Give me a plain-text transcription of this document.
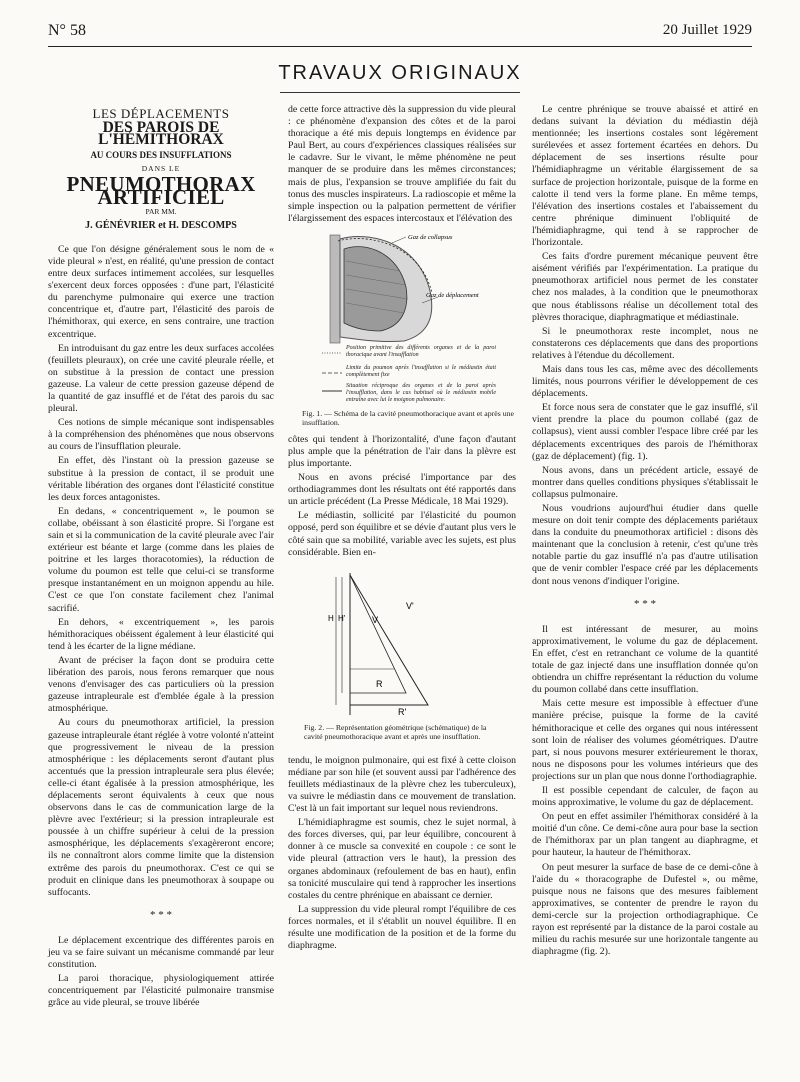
N° 58	20 Juillet 1929
TRAVAUX ORIGINAUX
LES DÉPLACEMENTS
DES PAROIS DE L'HÉMITHORAX
AU COURS DES INSUFFLATIONS
DANS LE
PNEUMOTHORAX ARTIFICIEL
PAR MM.
J. GÉNÉVRIER et H. DESCOMPS

Ce que l'on désigne généralement sous le nom de « vide pleural » n'est, en réalité, qu'une pression de contact entre deux surfaces intimement accolées, sur lesquelles s'exercent deux forces opposées : d'une part, l'élasticité du parenchyme pulmonaire qui exerce une traction concentrique et, d'autre part, l'élasticité des parois de l'hémithorax, qui exerce, en sens contraire, une traction excentrique.

En introduisant du gaz entre les deux surfaces accolées (feuillets pleuraux), on crée une cavité pleurale réelle, et on substitue à la pression de contact une pression gazeuse. La valeur de cette pression gazeuse dépend de la quantité de gaz insufflé et de l'état des parois du sac pleural.

Ces notions de simple mécanique sont indispensables à la compréhension des phénomènes que nous observons au cours de l'insufflation pleurale.

En effet, dès l'instant où la pression gazeuse se substitue à la pression de contact, il se produit une véritable libération des organes dont l'élasticité constitue les deux forces antagonistes.

En dedans, « concentriquement », le poumon se collabe, obéissant à son élasticité propre. Si l'organe est sain et si la communication de la cavité pleurale avec l'air extérieur est béante et large (comme dans les plaies de poitrine et les larges thoracotomies), la réduction de volume du poumon est telle que celui-ci se transforme presque instantanément en un moignon appendu au hile. C'est ce que l'on constate facilement chez l'animal sacrifié.

En dehors, « excentriquement », les parois hémithoraciques obéissent également à leur élasticité qui tend à les écarter de la ligne médiane.

Avant de préciser la façon dont se produira cette libération des parois, nous ferons remarquer que nous venons d'envisager des cas particuliers où la pression gazeuse intrapleurale est d'emblée égale à la pression atmosphérique.

Au cours du pneumothorax artificiel, la pression gazeuse intrapleurale étant réglée à votre volonté n'atteint que progressivement le niveau de la pression atmosphérique : les déplacements seront d'autant plus accentués que la pression intrapleurale sera plus élevée; celle-ci étant égalisée à la pression atmosphérique, les déplacements seront équivalents à ceux que nous observons dans le cas de communication large de la plèvre avec l'extérieur; si la pression intrapleurale est poussée à un chiffre supérieur à celui de la pression asmosphérique, les déplacements s'exagèreront encore; ils ne connaîtront alors comme limite que la distension extrême des parois du pneumothorax. C'est ce qui se produit en clinique dans les pneumothorax à soupape ou suffocants.

* * *

Le déplacement excentrique des différentes parois en jeu va se faire suivant un mécanisme commandé par leur constitution.

La paroi thoracique, physiologiquement attirée concentriquement par l'élasticité pulmonaire transmise grâce au vide pleural, se trouve libérée

de cette force attractive dès la suppression du vide pleural : ce phénomène d'expansion des côtes et de la paroi thoracique a été mis depuis longtemps en évidence par Paul Bert, au cours d'expériences classiques réalisées sur le cadavre. Sur le vivant, le même phénomène ne peut manquer de se produire dans les mêmes circonstances; mais de plus, l'expansion se trouve amplifiée du fait du tonus des muscles inspirateurs. La radioscopie et même la simple inspection ou la palpation permettent de vérifier l'élargissement des espaces intercostaux et l'élévation des

Gaz de collapsus
Gaz de déplacement
Position primitive des différents organes et de la paroi thoracique avant l'insufflation
Limite du poumon après l'insufflation si le médiastin était complètement fixe
Situation réciproque des organes et de la paroi après l'insufflation, dans le cas habituel où le médiastin mobile entraîne avec lui le moignon pulmonaire.
Fig. 1. — Schéma de la cavité pneumothoracique avant et après une insufflation.

côtes qui tendent à l'horizontalité, d'une façon d'autant plus ample que la pénétration de l'air dans la plèvre est plus importante.

Nous en avons précisé l'importance par des orthodiagrammes dont les résultats ont été rapportés dans un article précédent (La Presse Médicale, 18 Mai 1929).

Le médiastin, sollicité par l'élasticité du poumon opposé, perd son équilibre et se dévie d'autant plus vers le côté sain que sa mobilité, variable avec les sujets, est plus considérable. Bien en-

H H'	V
V'
R
R'
Fig. 2. — Représentation géométrique (schématique) de la cavité pneumothoracique avant et après une insufflation.

tendu, le moignon pulmonaire, qui est fixé à cette cloison médiane par son hile (et souvent aussi par l'adhérence des feuillets médiastinaux de la plèvre chez les tuberculeux), va suivre le médiastin dans ce mouvement de translation. C'est là un fait important sur lequel nous reviendrons.

L'hémidiaphragme est soumis, chez le sujet normal, à des forces diverses, qui, par leur équilibre, concourent à donner à ce muscle sa convexité en coupole : ce sont le vide pleural (attraction vers le haut), la pression des organes abdominaux (refoulement de bas en haut), enfin sa tonicité musculaire qui tend à rapprocher les insertions costales du centre phrénique en abaissant ce dernier.

La suppression du vide pleural rompt l'équilibre de ces forces normales, et il s'établit un nouvel équilibre. Il en résulte une modification de la position et de la forme du diaphragme.

Le centre phrénique se trouve abaissé et attiré en dedans suivant la déviation du médiastin déjà mentionnée; les insertions costales sont légèrement surélevées et assez fortement écartées en dehors. Du déplacement de ses insertions résulte pour l'hémidiaphragme un véritable élargissement de sa surface de projection horizontale, puisque de la forme en calotte il tend vers la forme plane. En même temps, l'élévation des insertions costales et l'abaissement du centre phrénique diminuent l'obliquité de l'hémidiaphragme, qui tend à se rapprocher de l'horizontale.

Ces faits d'ordre purement mécanique peuvent être aisément vérifiés par l'expérimentation. La pratique du pneumothorax artificiel nous permet de les constater chez nos malades, à la condition que le pneumothorax que nous établissons réalise un décollement total des plèvres thoracique, diaphragmatique et médiastinale.

Si le pneumothorax reste incomplet, nous ne constaterons ces déplacements que dans des proportions relatives à l'étendue du décollement.

Mais dans tous les cas, même avec des décollements limités, nous pourrons vérifier le développement de ces déplacements.

Et force nous sera de constater que le gaz insufflé, s'il vient prendre la place du poumon collabé (gaz de collapsus), vient aussi combler l'espace libre créé par les déplacements excentriques des parois de l'hémithorax (gaz de déplacement) (fig. 1).

Nous avons, dans un précédent article, essayé de montrer dans quelles conditions physiques s'établissait le collapsus pulmonaire.

Nous voudrions aujourd'hui étudier dans quelle mesure on doit tenir compte des déplacements pariétaux dans la conduite du pneumothorax artificiel : disons dès maintenant que la conclusion à retenir, c'est qu'une très notable partie du gaz insufflé n'a pas d'autre utilisation que de venir combler l'espace créé par les déplacements dont nous venons d'indiquer l'origine.

* * *

Il est intéressant de mesurer, au moins approximativement, le volume du gaz de déplacement. En effet, c'est en retranchant ce volume de la quantité totale de gaz injecté dans une insufflation donnée qu'on obtiendra un chiffre représentant la réduction du volume du poumon collabé dans cette insufflation.

Mais cette mesure est impossible à effectuer d'une manière précise, puisque la forme de la cavité hémithoracique et celle des organes qui nous intéressent sont loin de réaliser des volumes géométriques. D'autre part, si nous pouvons mesurer extérieurement le thorax, nous ne disposons pour les volumes intérieurs que des projections sur un plan que nous donne l'orthodiagraphie.

Il est possible cependant de calculer, de façon au moins approximative, le volume du gaz de déplacement.

On peut en effet assimiler l'hémithorax considéré à la moitié d'un cône. Ce demi-cône aura pour base la section de l'hémithorax par un plan tangent au diaphragme, et pour hauteur, la hauteur de l'hémithorax.

On peut mesurer la surface de base de ce demi-cône à l'aide du « thoracographe de Dufestel », ou même, puisque nous ne faisons que des mesures faiblement approximatives, se contenter de prendre le rayon du demi-cercle sur la projection orthodiagraphique. Ce rayon est représenté par la distance de la paroi costale au milieu du rachis mesurée sur une horizontale tangente au diaphragme (fig. 2).
